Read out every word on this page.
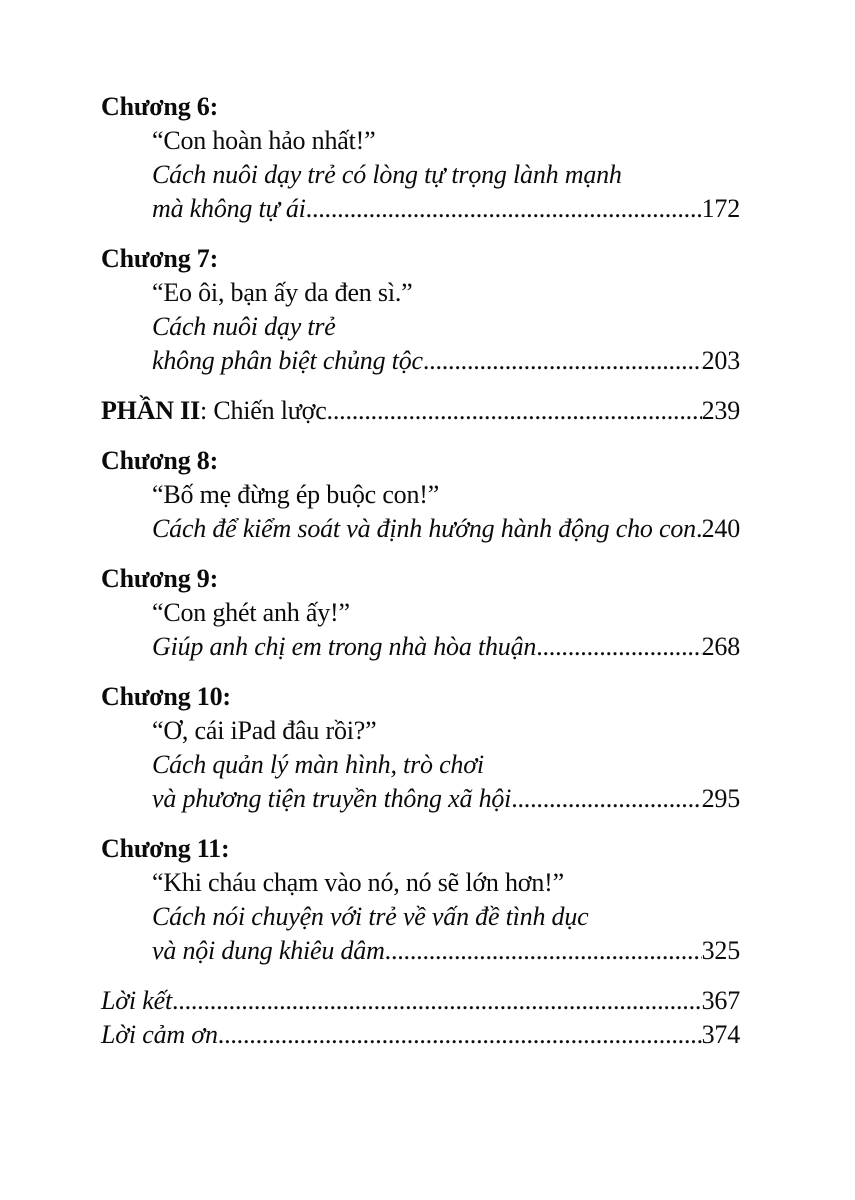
Chương 6:
“Con hoàn hảo nhất!”
Cách nuôi dạy trẻ có lòng tự trọng lành mạnh
mà không tự ái .....	172
Chương 7:
“Eo ôi, bạn ấy da đen sì.”
Cách nuôi dạy trẻ
không phân biệt chủng tộc .....	203
PHẦN II : Chiến lược .....	239
Chương 8:
“Bố mẹ đừng ép buộc con!”
Cách để kiểm soát và định hướng hành động cho con ..... 240
Chương 9:
“Con ghét anh ấy!”
Giúp anh chị em trong nhà hòa thuận .....	268
Chương 10:
“Ơ, cái iPad đâu rồi?”
Cách quản lý màn hình, trò chơi
và phương tiện truyền thông xã hội .....	295
Chương 11:
“Khi cháu chạm vào nó, nó sẽ lớn hơn!”
Cách nói chuyện với trẻ về vấn đề tình dục
và nội dung khiêu dâm .....	325
Lời kết .....	367
Lời cảm ơn .....	374
